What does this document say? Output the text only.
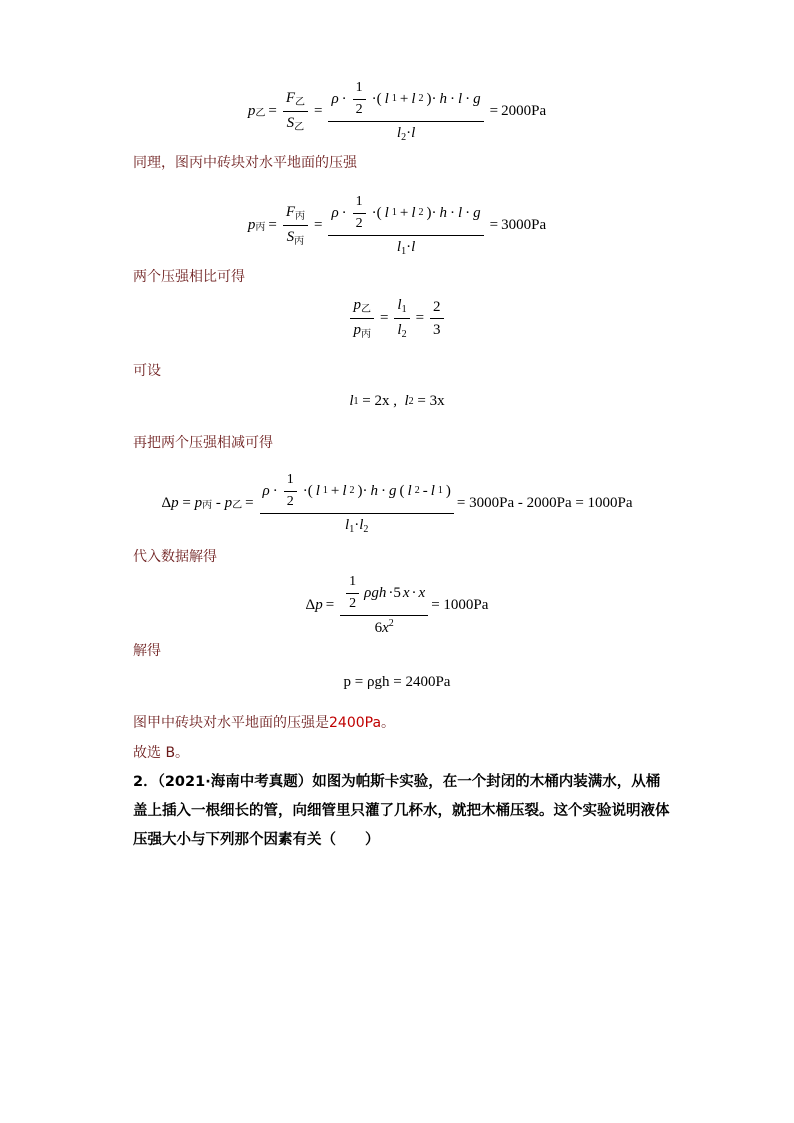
p 乙 = $\frac{F_乙}{S_乙} = \frac{\rho \cdot \frac{1}{2} \cdot( l 1 + l 2 )\cdot h \cdot l \cdot g}{l_2\cdot l} = 2000Pa$
同理，图丙中砖块对水平地面的压强
p 丙 = $\frac{F_丙}{S_丙} = \frac{\rho \cdot \frac{1}{2} \cdot( l 1 + l 2 )\cdot h \cdot l \cdot g}{l_1\cdot l} = 3000Pa$
两个压强相比可得
$\frac{p_乙}{p_丙} = \frac{l_1}{l_2} = \frac{2}{3}$
可设
l 1
= 2x ,
l 2
= 3x
再把两个压强相减可得
Δ p = p 丙 - p 乙 = $\frac{\rho \cdot \frac{1}{2} \cdot( l 1 + l 2 )\cdot h \cdot g ( l 2 - l 1 )}{l_1\cdot l_2} = 3000Pa - 2000Pa = 1000Pa$
代入数据解得
Δ $p = \frac{\frac{1}{2} \rho gh \cdot 5 x \cdot x}{6x^2} = 1000Pa$
解得
p = ρgh = 2400Pa
图甲中砖块对水平地面的压强是2400Pa。
故选 B。
2．（2021·海南中考真题）如图为帕斯卡实验，在一个封闭的木桶内装满水，从桶盖上插入一根细长的管，向细管里只灌了几杯水，就把木桶压裂。这个实验说明液体压强大小与下列那个因素有关（　　）
